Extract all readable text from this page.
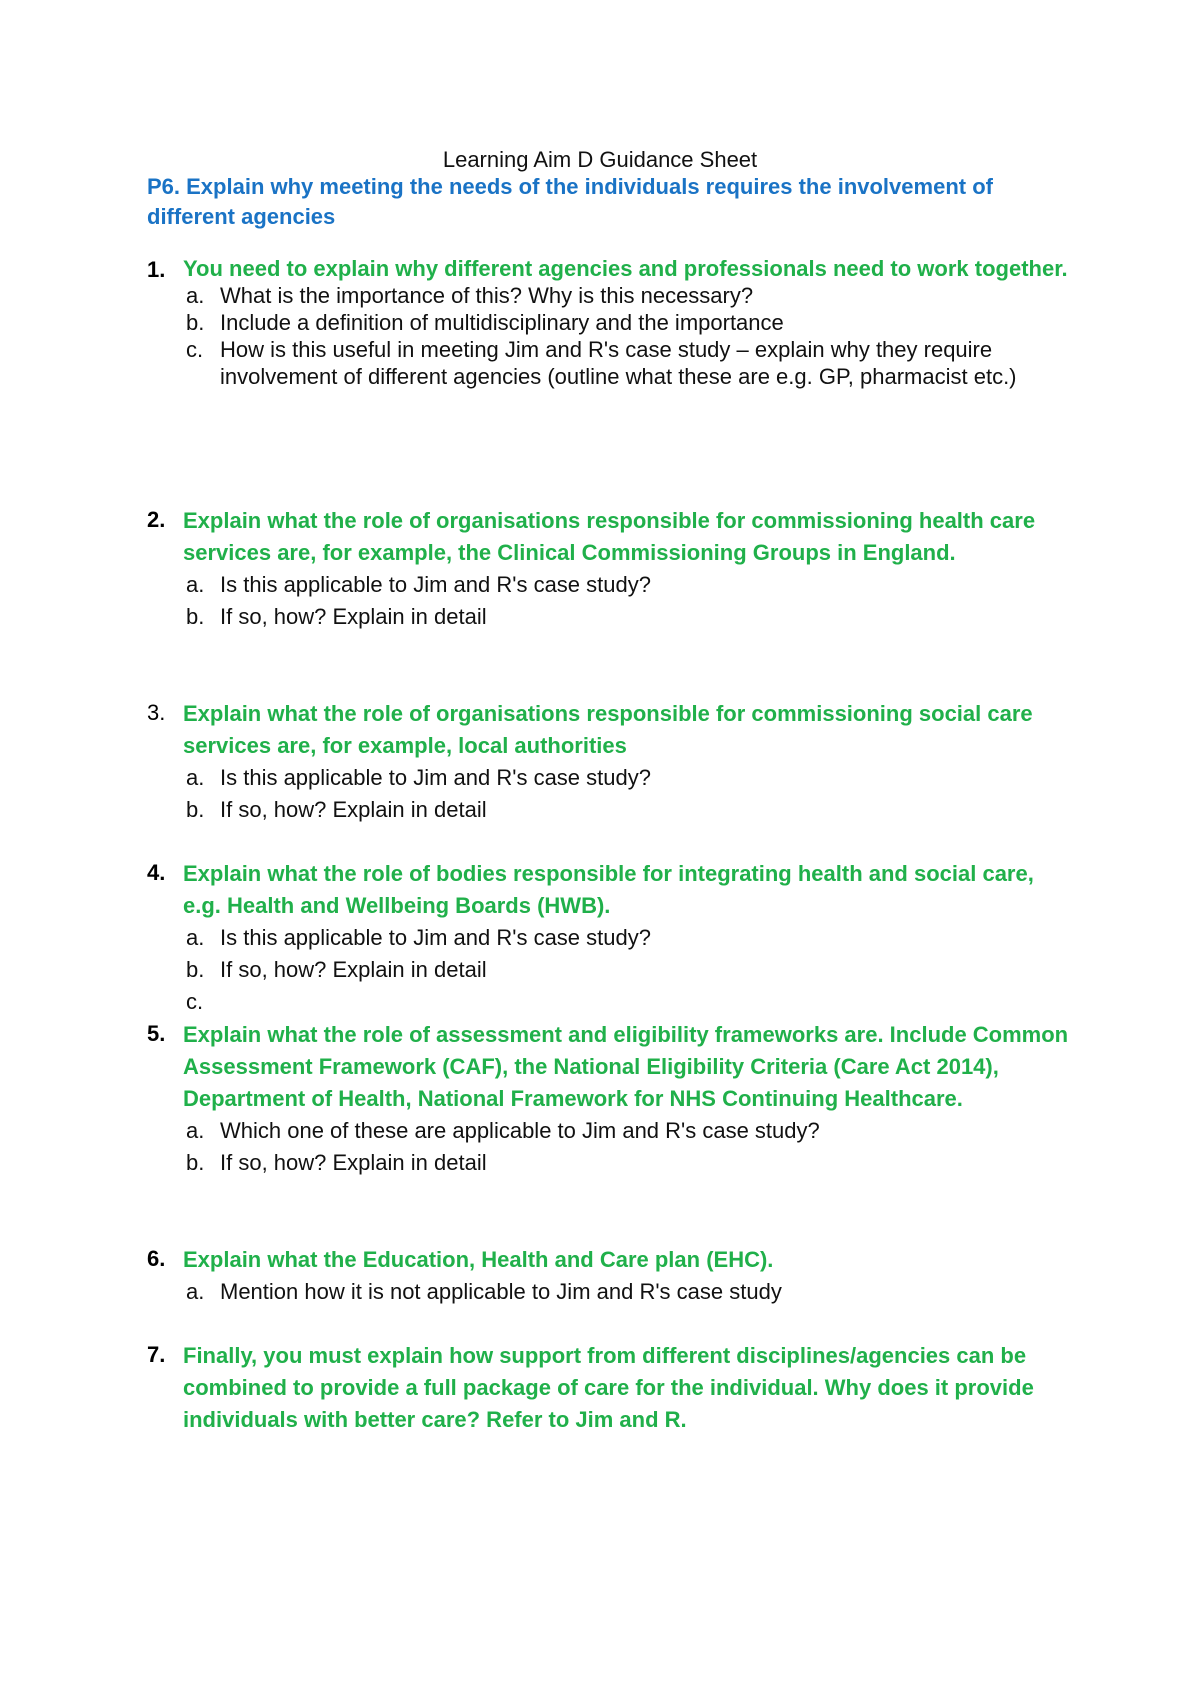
Learning Aim D Guidance Sheet
P6. Explain why meeting the needs of the individuals requires the involvement of different agencies
1. You need to explain why different agencies and professionals need to work together.
a. What is the importance of this? Why is this necessary?
b. Include a definition of multidisciplinary and the importance
c. How is this useful in meeting Jim and R's case study – explain why they require involvement of different agencies (outline what these are e.g. GP, pharmacist etc.)
2. Explain what the role of organisations responsible for commissioning health care services are, for example, the Clinical Commissioning Groups in England.
a. Is this applicable to Jim and R's case study?
b. If so, how? Explain in detail
3. Explain what the role of organisations responsible for commissioning social care services are, for example, local authorities
a. Is this applicable to Jim and R's case study?
b. If so, how? Explain in detail
4. Explain what the role of bodies responsible for integrating health and social care, e.g. Health and Wellbeing Boards (HWB).
a. Is this applicable to Jim and R's case study?
b. If so, how? Explain in detail
c.
5. Explain what the role of assessment and eligibility frameworks are. Include Common Assessment Framework (CAF), the National Eligibility Criteria (Care Act 2014), Department of Health, National Framework for NHS Continuing Healthcare.
a. Which one of these are applicable to Jim and R's case study?
b. If so, how? Explain in detail
6. Explain what the Education, Health and Care plan (EHC).
a. Mention how it is not applicable to Jim and R's case study
7. Finally, you must explain how support from different disciplines/agencies can be combined to provide a full package of care for the individual. Why does it provide individuals with better care? Refer to Jim and R.
